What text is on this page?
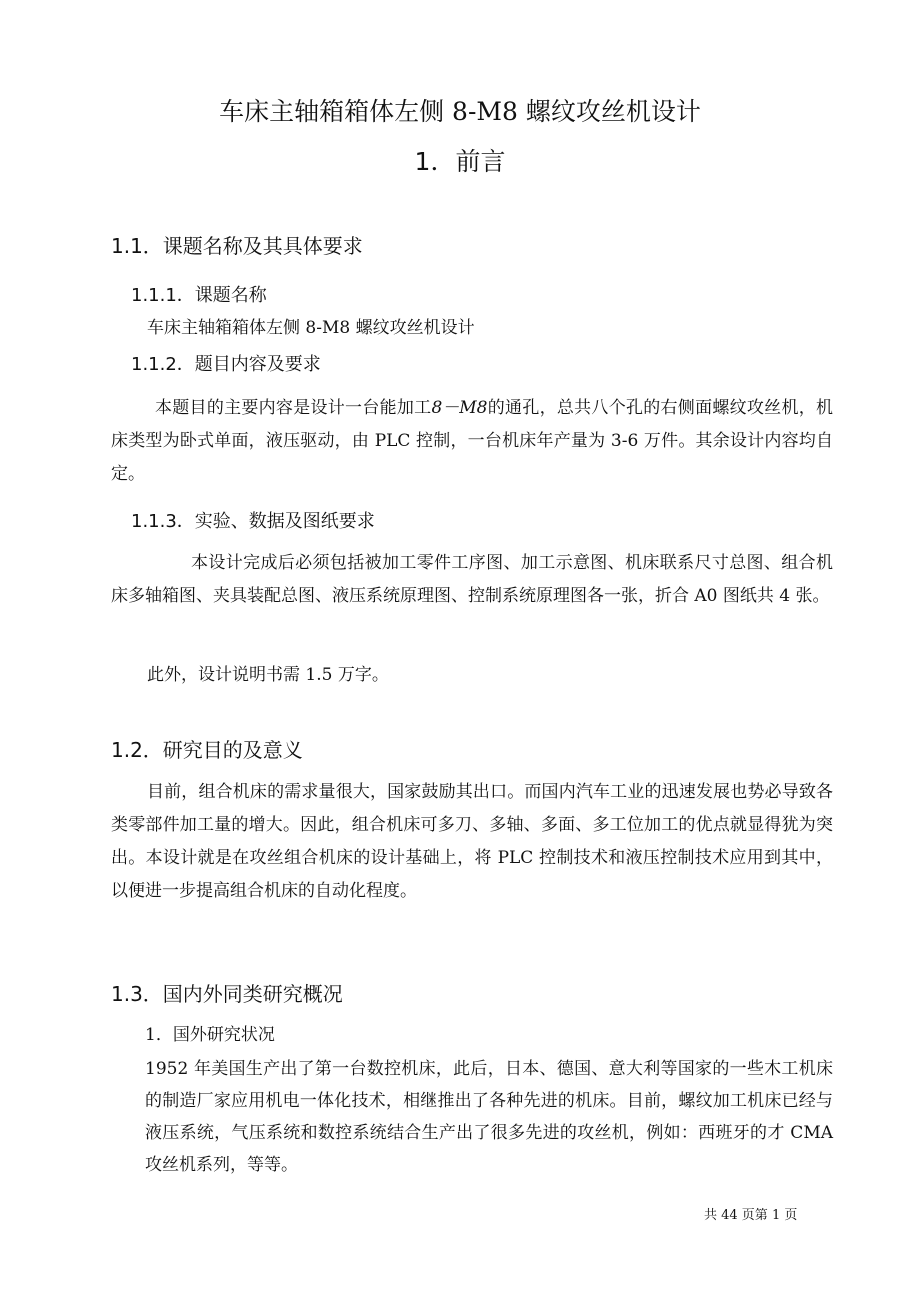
车床主轴箱箱体左侧 8-M8 螺纹攻丝机设计
1．前言
1.1．课题名称及其具体要求
1.1.1．课题名称
车床主轴箱箱体左侧 8-M8 螺纹攻丝机设计
1.1.2．题目内容及要求
本题目的主要内容是设计一台能加工8－M8的通孔，总共八个孔的右侧面螺纹攻丝机，机床类型为卧式单面，液压驱动，由 PLC 控制，一台机床年产量为 3-6 万件。其余设计内容均自定。
1.1.3．实验、数据及图纸要求
本设计完成后必须包括被加工零件工序图、加工示意图、机床联系尺寸总图、组合机床多轴箱图、夹具装配总图、液压系统原理图、控制系统原理图各一张，折合 A0 图纸共 4 张。
此外，设计说明书需 1.5 万字。
1.2．研究目的及意义
目前，组合机床的需求量很大，国家鼓励其出口。而国内汽车工业的迅速发展也势必导致各类零部件加工量的增大。因此，组合机床可多刀、多轴、多面、多工位加工的优点就显得犹为突出。本设计就是在攻丝组合机床的设计基础上，将 PLC 控制技术和液压控制技术应用到其中，以便进一步提高组合机床的自动化程度。
1.3．国内外同类研究概况
1．国外研究状况
1952 年美国生产出了第一台数控机床，此后，日本、德国、意大利等国家的一些木工机床的制造厂家应用机电一体化技术，相继推出了各种先进的机床。目前，螺纹加工机床已经与液压系统，气压系统和数控系统结合生产出了很多先进的攻丝机，例如：西班牙的才 CMA 攻丝机系列，等等。
共 44 页第 1 页
